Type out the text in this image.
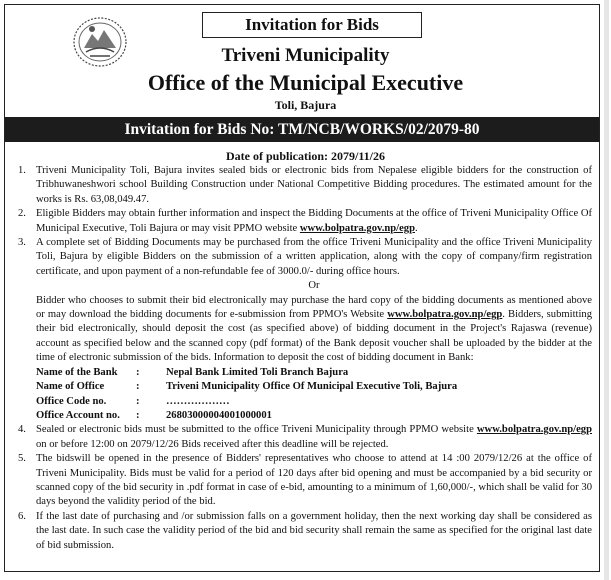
Invitation for Bids
Triveni Municipality
Office of the Municipal Executive
Toli, Bajura
Invitation for Bids No: TM/NCB/WORKS/02/2079-80
Date of publication: 2079/11/26
1. Triveni Municipality Toli, Bajura invites sealed bids or electronic bids from Nepalese eligible bidders for the construction of Tribhuwaneshwori school Building Construction under National Competitive Bidding procedures. The estimated amount for the works is Rs. 63,08,049.47.
2. Eligible Bidders may obtain further information and inspect the Bidding Documents at the office of Triveni Municipality Office Of Municipal Executive, Toli Bajura or may visit PPMO website www.bolpatra.gov.np/egp.
3. A complete set of Bidding Documents may be purchased from the office Triveni Municipality and the office Triveni Municipality Toli, Bajura by eligible Bidders on the submission of a written application, along with the copy of company/firm registration certificate, and upon payment of a non-refundable fee of 3000.0/- during office hours.
Or
Bidder who chooses to submit their bid electronically may purchase the hard copy of the bidding documents as mentioned above or may download the bidding documents for e-submission from PPMO's Website www.bolpatra.gov.np/egp. Bidders, submitting their bid electronically, should deposit the cost (as specified above) of bidding document in the Project's Rajaswa (revenue) account as specified below and the scanned copy (pdf format) of the Bank deposit voucher shall be uploaded by the bidder at the time of electronic submission of the bids. Information to deposit the cost of bidding document in Bank:
Name of the Bank	:	Nepal Bank Limited Toli Branch Bajura
Name of Office	:	Triveni Municipality Office Of Municipal Executive Toli, Bajura
Office Code no.	:	………………
Office Account no.	:	26803000004001000001
4. Sealed or electronic bids must be submitted to the office Triveni Municipality through PPMO website www.bolpatra.gov.np/egp on or before 12:00 on 2079/12/26 Bids received after this deadline will be rejected.
5. The bidswill be opened in the presence of Bidders' representatives who choose to attend at 14 :00 2079/12/26 at the office of Triveni Municipality. Bids must be valid for a period of 120 days after bid opening and must be accompanied by a bid security or scanned copy of the bid security in .pdf format in case of e-bid, amounting to a minimum of 1,60,000/-, which shall be valid for 30 days beyond the validity period of the bid.
6. If the last date of purchasing and /or submission falls on a government holiday, then the next working day shall be considered as the last date. In such case the validity period of the bid and bid security shall remain the same as specified for the original last date of bid submission.
